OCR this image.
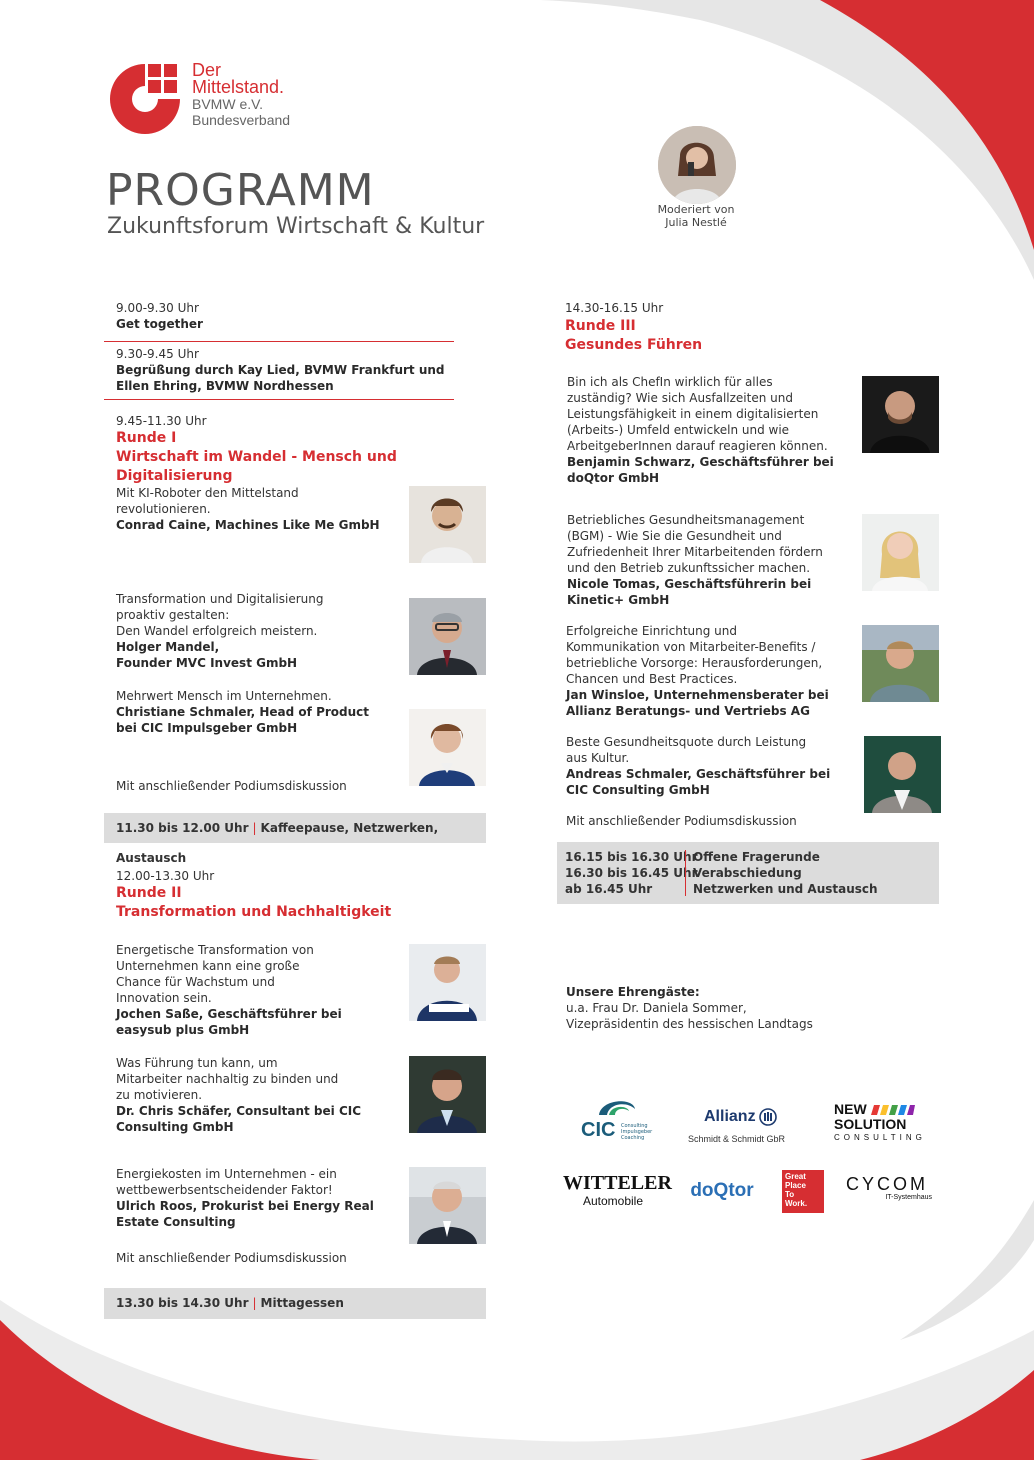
Der
Mittelstand.
BVMW e.V.
Bundesverband
PROGRAMM
Zukunftsforum Wirtschaft & Kultur
Moderiert von
Julia Nestlé
9.00-9.30 Uhr
Get together
9.30-9.45 Uhr
Begrüßung durch Kay Lied, BVMW Frankfurt und
Ellen Ehring, BVMW Nordhessen
9.45-11.30 Uhr
Runde I
Wirtschaft im Wandel - Mensch und Digitalisierung
Mit KI-Roboter den Mittelstand
revolutionieren.
Conrad Caine, Machines Like Me GmbH
Transformation und Digitalisierung
proaktiv gestalten:
Den Wandel erfolgreich meistern.
Holger Mandel,
Founder MVC Invest GmbH
Mehrwert Mensch im Unternehmen.
Christiane Schmaler, Head of Product
bei CIC Impulsgeber GmbH
Mit anschließender Podiumsdiskussion
11.30 bis 12.00 Uhr | Kaffeepause, Netzwerken, Austausch
12.00-13.30 Uhr
Runde II
Transformation und Nachhaltigkeit
Energetische Transformation von
Unternehmen kann eine große
Chance für Wachstum und
Innovation sein.
Jochen Saße, Geschäftsführer bei
easysub plus GmbH
Was Führung tun kann, um
Mitarbeiter nachhaltig zu binden und
zu motivieren.
Dr. Chris Schäfer, Consultant bei CIC
Consulting GmbH
Energiekosten im Unternehmen - ein
wettbewerbsentscheidender Faktor!
Ulrich Roos, Prokurist bei Energy Real
Estate Consulting
Mit anschließender Podiumsdiskussion
13.30 bis 14.30 Uhr | Mittagessen
14.30-16.15 Uhr
Runde III
Gesundes Führen
Bin ich als ChefIn wirklich für alles
zuständig? Wie sich Ausfallzeiten und
Leistungsfähigkeit in einem digitalisierten
(Arbeits-) Umfeld entwickeln und wie
ArbeitgeberInnen darauf reagieren können.
Benjamin Schwarz, Geschäftsführer bei
doQtor GmbH
Betriebliches Gesundheitsmanagement
(BGM) - Wie Sie die Gesundheit und
Zufriedenheit Ihrer Mitarbeitenden fördern
und den Betrieb zukunftssicher machen.
Nicole Tomas, Geschäftsführerin bei
Kinetic+ GmbH
Erfolgreiche Einrichtung und
Kommunikation von Mitarbeiter-Benefits /
betriebliche Vorsorge: Herausforderungen,
Chancen und Best Practices.
Jan Winsloe, Unternehmensberater bei
Allianz Beratungs- und Vertriebs AG
Beste Gesundheitsquote durch Leistung
aus Kultur.
Andreas Schmaler, Geschäftsführer bei
CIC Consulting GmbH
Mit anschließender Podiumsdiskussion
16.15 bis 16.30 Uhr
16.30 bis 16.45 Uhr
ab 16.45 Uhr
Offene Fragerunde
Verabschiedung
Netzwerken und Austausch
Unsere Ehrengäste:
u.a. Frau Dr. Daniela Sommer,
Vizepräsidentin des hessischen Landtags
CIC Consulting
Impulsgeber
Coaching
Allianz
Schmidt & Schmidt GbR
NEW
SOLUTION
CONSULTING
WITTELER
Automobile	doQtor
Great
Place
To
Work.
CYCOM
IT-Systemhaus
